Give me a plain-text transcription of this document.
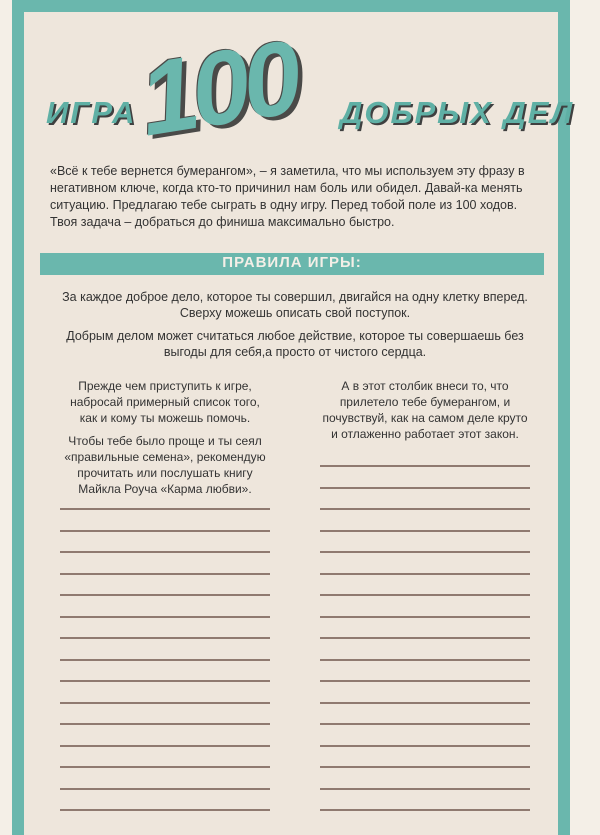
ИГРА
100 ДОБРЫХ ДЕЛ
«Всё к тебе вернется бумерангом», – я заметила, что мы используем эту фразу в негативном ключе, когда кто-то причинил нам боль или обидел. Давай-ка менять ситуацию. Предлагаю тебе сыграть в одну игру. Перед тобой поле из 100 ходов. Твоя задача – добраться до финиша максимально быстро.
ПРАВИЛА ИГРЫ:
За каждое доброе дело, которое ты совершил, двигайся на одну клетку вперед. Сверху можешь описать свой поступок.
Добрым делом может считаться любое действие, которое ты совершаешь без выгоды для себя,а просто от чистого сердца.
Прежде чем приступить к игре, набросай примерный список того, как и кому ты можешь помочь.
Чтобы тебе было проще и ты сеял «правильные семена», рекомендую прочитать или послушать книгу Майкла Роуча «Карма любви».
А в этот столбик внеси то, что прилетело тебе бумерангом, и почувствуй, как на самом деле круто и отлаженно работает этот закон.
